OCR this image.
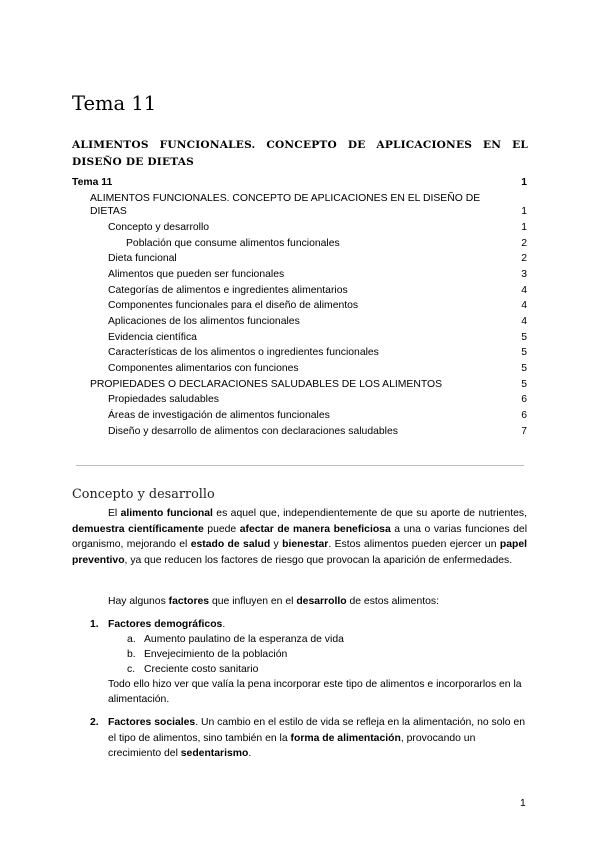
Tema 11
ALIMENTOS FUNCIONALES. CONCEPTO DE APLICACIONES EN EL DISEÑO DE DIETAS
Tema 11	1
ALIMENTOS FUNCIONALES. CONCEPTO DE APLICACIONES EN EL DISEÑO DE
DIETAS	1
Concepto y desarrollo	1
Población que consume alimentos funcionales	2
Dieta funcional	2
Alimentos que pueden ser funcionales	3
Categorías de alimentos e ingredientes alimentarios	4
Componentes funcionales para el diseño de alimentos	4
Aplicaciones de los alimentos funcionales	4
Evidencia científica	5
Características de los alimentos o ingredientes funcionales	5
Componentes alimentarios con funciones	5
PROPIEDADES O DECLARACIONES SALUDABLES DE LOS ALIMENTOS	5
Propiedades saludables	6
Áreas de investigación de alimentos funcionales	6
Diseño y desarrollo de alimentos con declaraciones saludables	7
Concepto y desarrollo
El alimento funcional es aquel que, independientemente de que su aporte de nutrientes, demuestra científicamente puede afectar de manera beneficiosa a una o varias funciones del organismo, mejorando el estado de salud y bienestar. Estos alimentos pueden ejercer un papel preventivo, ya que reducen los factores de riesgo que provocan la aparición de enfermedades.
Hay algunos factores que influyen en el desarrollo de estos alimentos:
1. Factores demográficos.
a. Aumento paulatino de la esperanza de vida
b. Envejecimiento de la población
c. Creciente costo sanitario
Todo ello hizo ver que valía la pena incorporar este tipo de alimentos e incorporarlos en la alimentación.
2. Factores sociales. Un cambio en el estilo de vida se refleja en la alimentación, no solo en el tipo de alimentos, sino también en la forma de alimentación, provocando un crecimiento del sedentarismo.
1
